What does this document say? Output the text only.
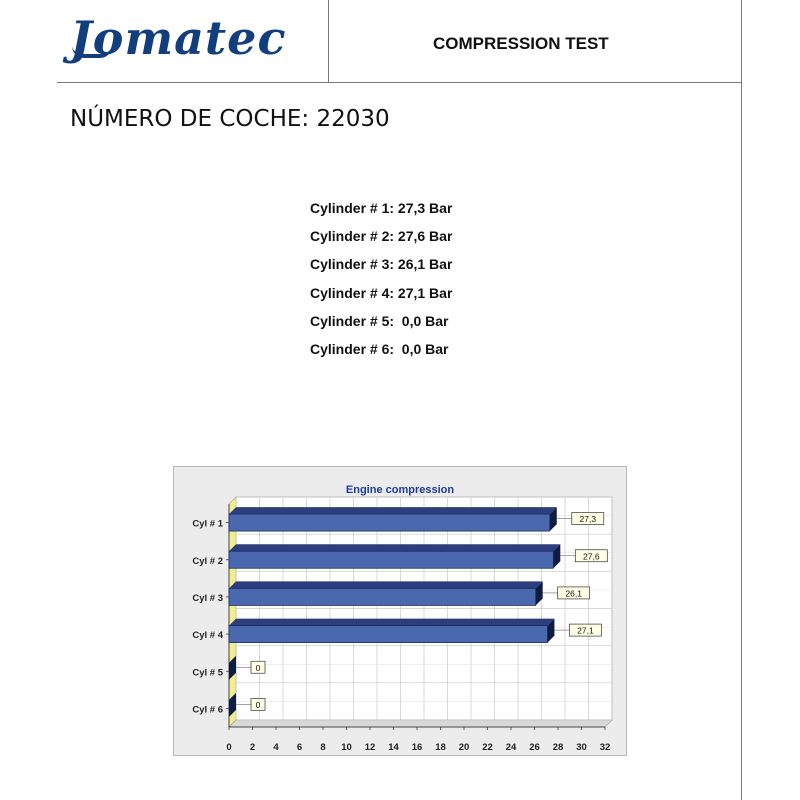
Jomatec	COMPRESSION TEST
NÚMERO DE COCHE: 22030
Cylinder # 1: 27,3 Bar
Cylinder # 2: 27,6 Bar
Cylinder # 3: 26,1 Bar
Cylinder # 4: 27,1 Bar
Cylinder # 5:  0,0 Bar
Cylinder # 6:  0,0 Bar
Engine compression
0 2 4 6 8 10 12 14 16 18 20 22 24 26 28 30 32
Cyl # 1	27,3
Cyl # 2	27,6
Cyl # 3	26,1
Cyl # 4	27,1
Cyl # 5	0
Cyl # 6	0
